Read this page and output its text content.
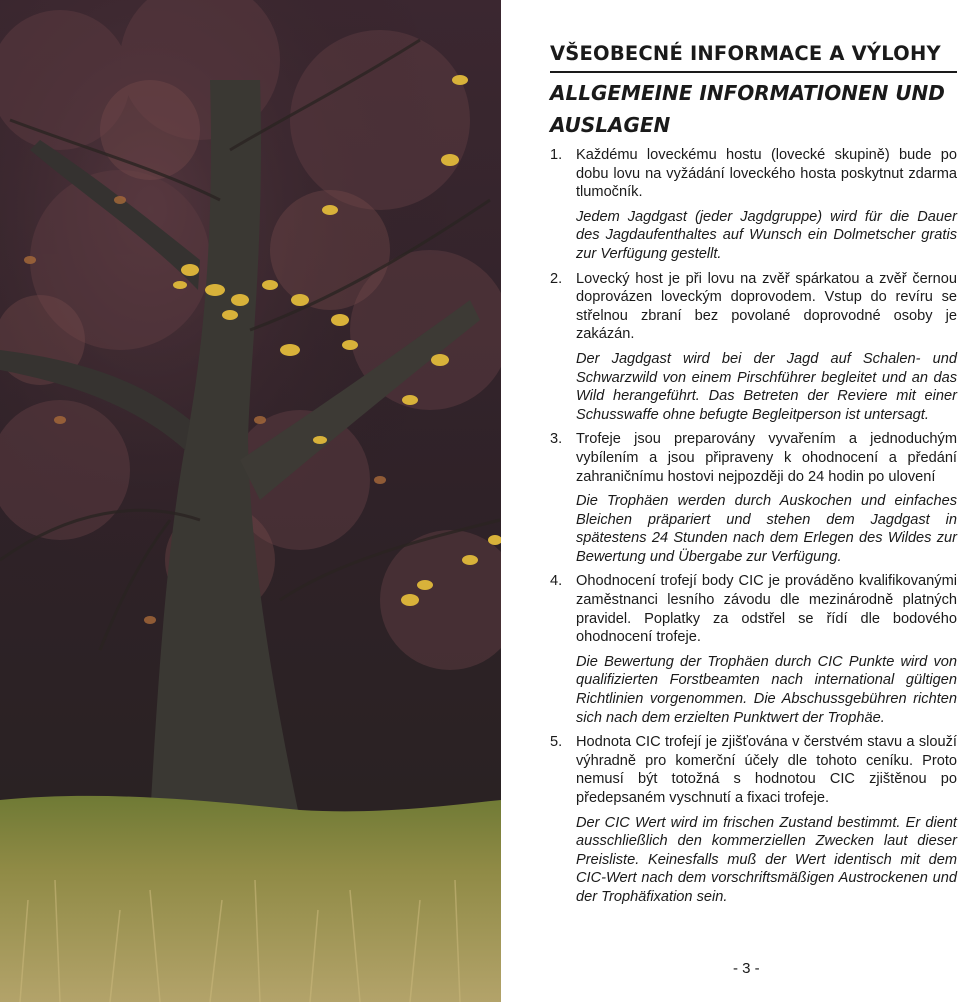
VŠEOBECNÉ INFORMACE A VÝLOHY
ALLGEMEINE INFORMATIONEN UND AUSLAGEN
1. Každému loveckému hostu (lovecké skupině) bude po dobu lovu na vyžádání loveckého hosta poskytnut zdarma tlumočník.

Jedem Jagdgast (jeder Jagdgruppe) wird für die Dauer des Jagdaufenthaltes auf Wunsch ein Dolmetscher gratis zur Verfügung gestellt.

2. Lovecký host je při lovu na zvěř spárkatou a zvěř černou doprovázen loveckým doprovodem. Vstup do revíru se střelnou zbraní bez povolané doprovodné osoby je zakázán.

Der Jagdgast wird bei der Jagd auf Schalen- und Schwarzwild von einem Pirschführer begleitet und an das Wild herangeführt. Das Betreten der Reviere mit einer Schusswaffe ohne befugte Begleitperson ist untersagt.

3. Trofeje jsou preparovány vyvařením a jednoduchým vybílením a jsou připraveny k ohodnocení a předání zahraničnímu hostovi nejpozději do 24 hodin po ulovení

Die Trophäen werden durch Auskochen und einfaches Bleichen präpariert und stehen dem Jagdgast in spätestens 24 Stunden nach dem Erlegen des Wildes zur Bewertung und Übergabe zur Verfügung.

4. Ohodnocení trofejí body CIC je prováděno kvalifikovanými zaměstnanci lesního závodu dle mezinárodně platných pravidel. Poplatky za odstřel se řídí dle bodového ohodnocení trofeje.

Die Bewertung der Trophäen durch CIC Punkte wird von qualifizierten Forstbeamten nach international gültigen Richtlinien vorgenommen. Die Abschussgebühren richten sich nach dem erzielten Punktwert der Trophäe.

5. Hodnota CIC trofejí je zjišťována v čerstvém stavu a slouží výhradně pro komerční účely dle tohoto ceníku. Proto nemusí být totožná s hodnotou CIC zjištěnou po předepsaném vyschnutí a fixaci trofeje.

Der CIC Wert wird im frischen Zustand bestimmt. Er dient ausschließlich den kommerziellen Zwecken laut dieser Preisliste. Keinesfalls muß der Wert identisch mit dem CIC-Wert nach dem vorschriftsmäßigen Austrockenen und der Trophäfixation sein.

- 3 -
